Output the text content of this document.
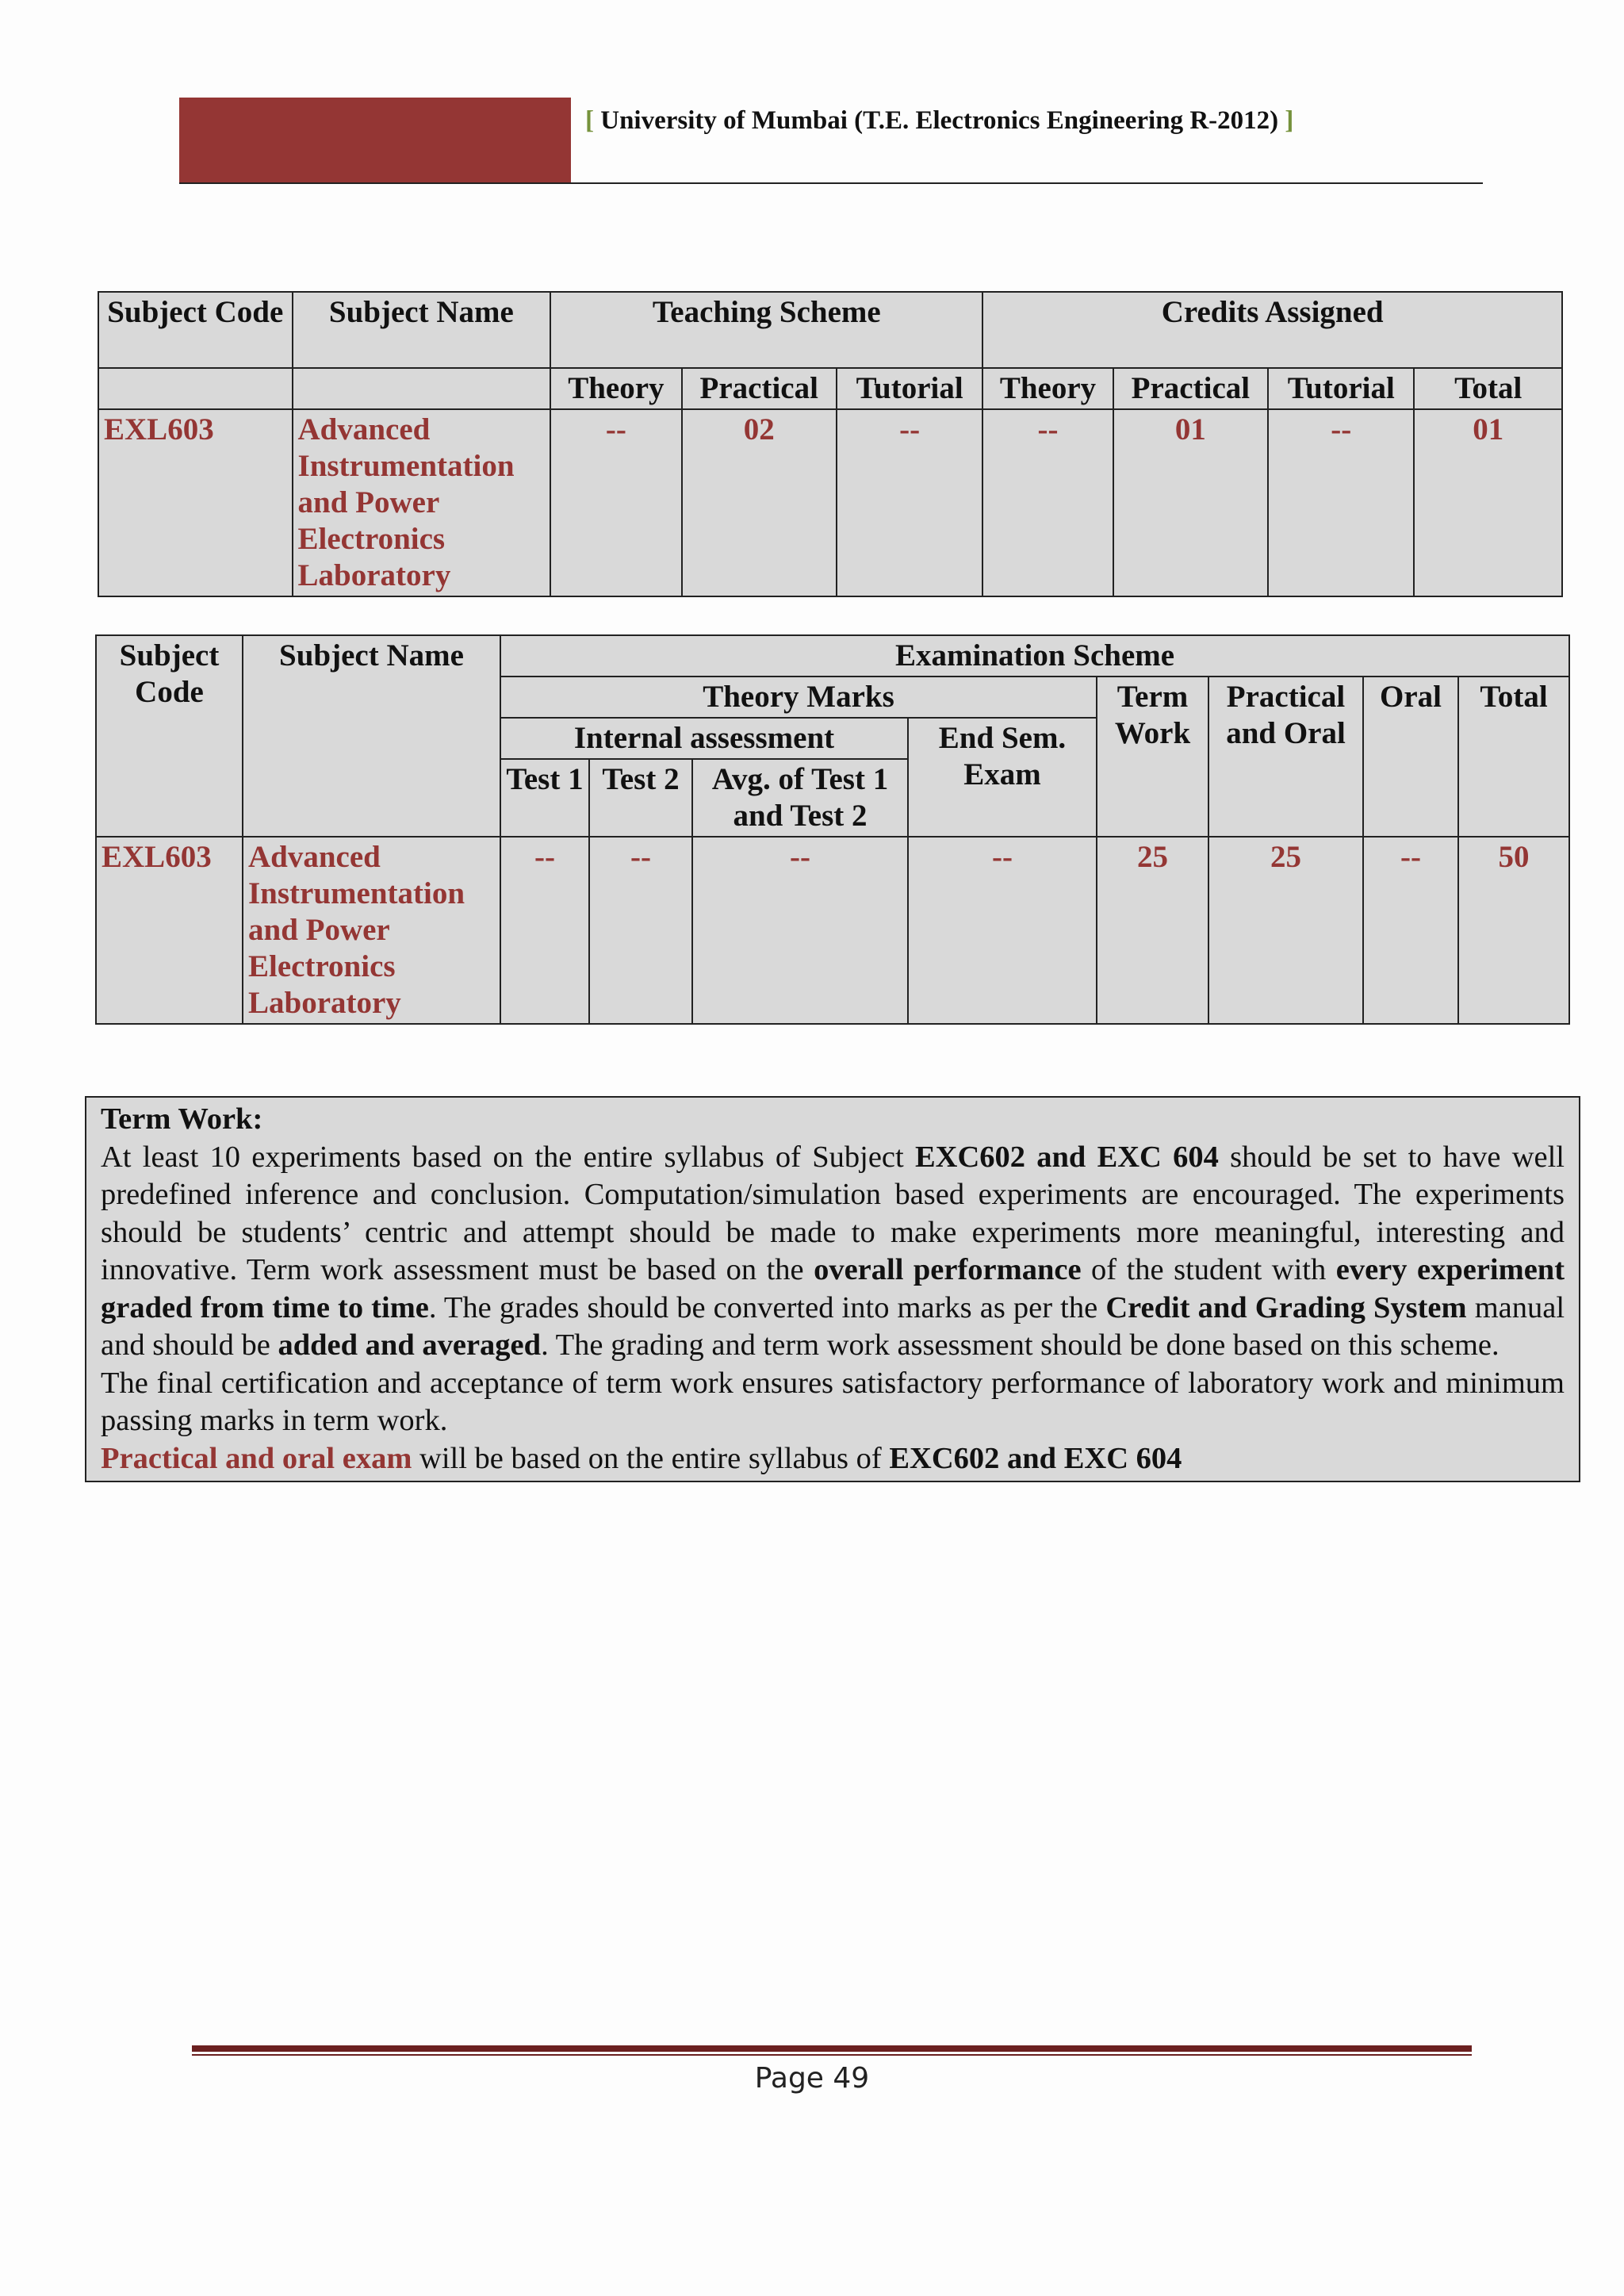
[ University of Mumbai (T.E. Electronics Engineering R-2012) ]
Subject Code	Subject Name	Teaching Scheme			Credits Assigned			
		Theory	Practical	Tutorial	Theory	Practical	Tutorial	Total
EXL603	Advanced Instrumentation and Power Electronics Laboratory	--	02	--	--	01	--	01
Subject Code	Subject Name	Examination Scheme							
		Theory Marks				Term Work	Practical and Oral	Oral	Total
		Internal assessment			End Sem. Exam				
		Test 1	Test 2	Avg. of Test 1 and Test 2					
EXL603	Advanced Instrumentation and Power Electronics Laboratory	--	--	--	--	25	25	--	50

Term Work:

At least 10 experiments based on the entire syllabus of Subject EXC602 and EXC 604 should be set to have well predefined inference and conclusion. Computation/simulation based experiments are encouraged. The experiments should be students’ centric and attempt should be made to make experiments more meaningful, interesting and innovative. Term work assessment must be based on the overall performance of the student with every experiment graded from time to time. The grades should be converted into marks as per the Credit and Grading System manual and should be added and averaged. The grading and term work assessment should be done based on this scheme.

The final certification and acceptance of term work ensures satisfactory performance of laboratory work and minimum passing marks in term work.

Practical and oral exam will be based on the entire syllabus of EXC602 and EXC 604

Page 49
